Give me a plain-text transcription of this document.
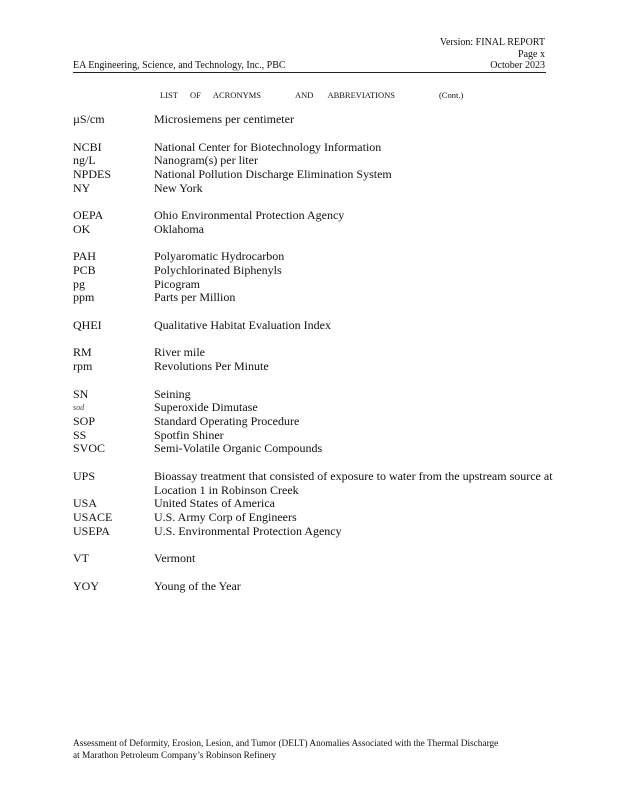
Version: FINAL REPORT
Page x
October 2023
EA Engineering, Science, and Technology, Inc., PBC
LIST OF ACRONYMS	AND ABBREVIATIONS	(Cont.)
µS/cm	Microsiemens per centimeter
NCBI	National Center for Biotechnology Information
ng/L	Nanogram(s) per liter
NPDES	National Pollution Discharge Elimination System
NY	New York
OEPA	Ohio Environmental Protection Agency
OK	Oklahoma
PAH	Polyaromatic Hydrocarbon
PCB	Polychlorinated Biphenyls
pg	Picogram
ppm	Parts per Million
QHEI	Qualitative Habitat Evaluation Index
RM	River mile
rpm	Revolutions Per Minute
SN	Seining
sod	Superoxide Dimutase
SOP	Standard Operating Procedure
SS	Spotfin Shiner
SVOC	Semi-Volatile Organic Compounds
UPS	Bioassay treatment that consisted of exposure to water from the upstream source at Location 1 in Robinson Creek
USA	United States of America
USACE	U.S. Army Corp of Engineers
USEPA	U.S. Environmental Protection Agency
VT	Vermont
YOY	Young of the Year
Assessment of Deformity, Erosion, Lesion, and Tumor (DELT) Anomalies Associated with the Thermal Discharge
at Marathon Petroleum Company’s Robinson Refinery
